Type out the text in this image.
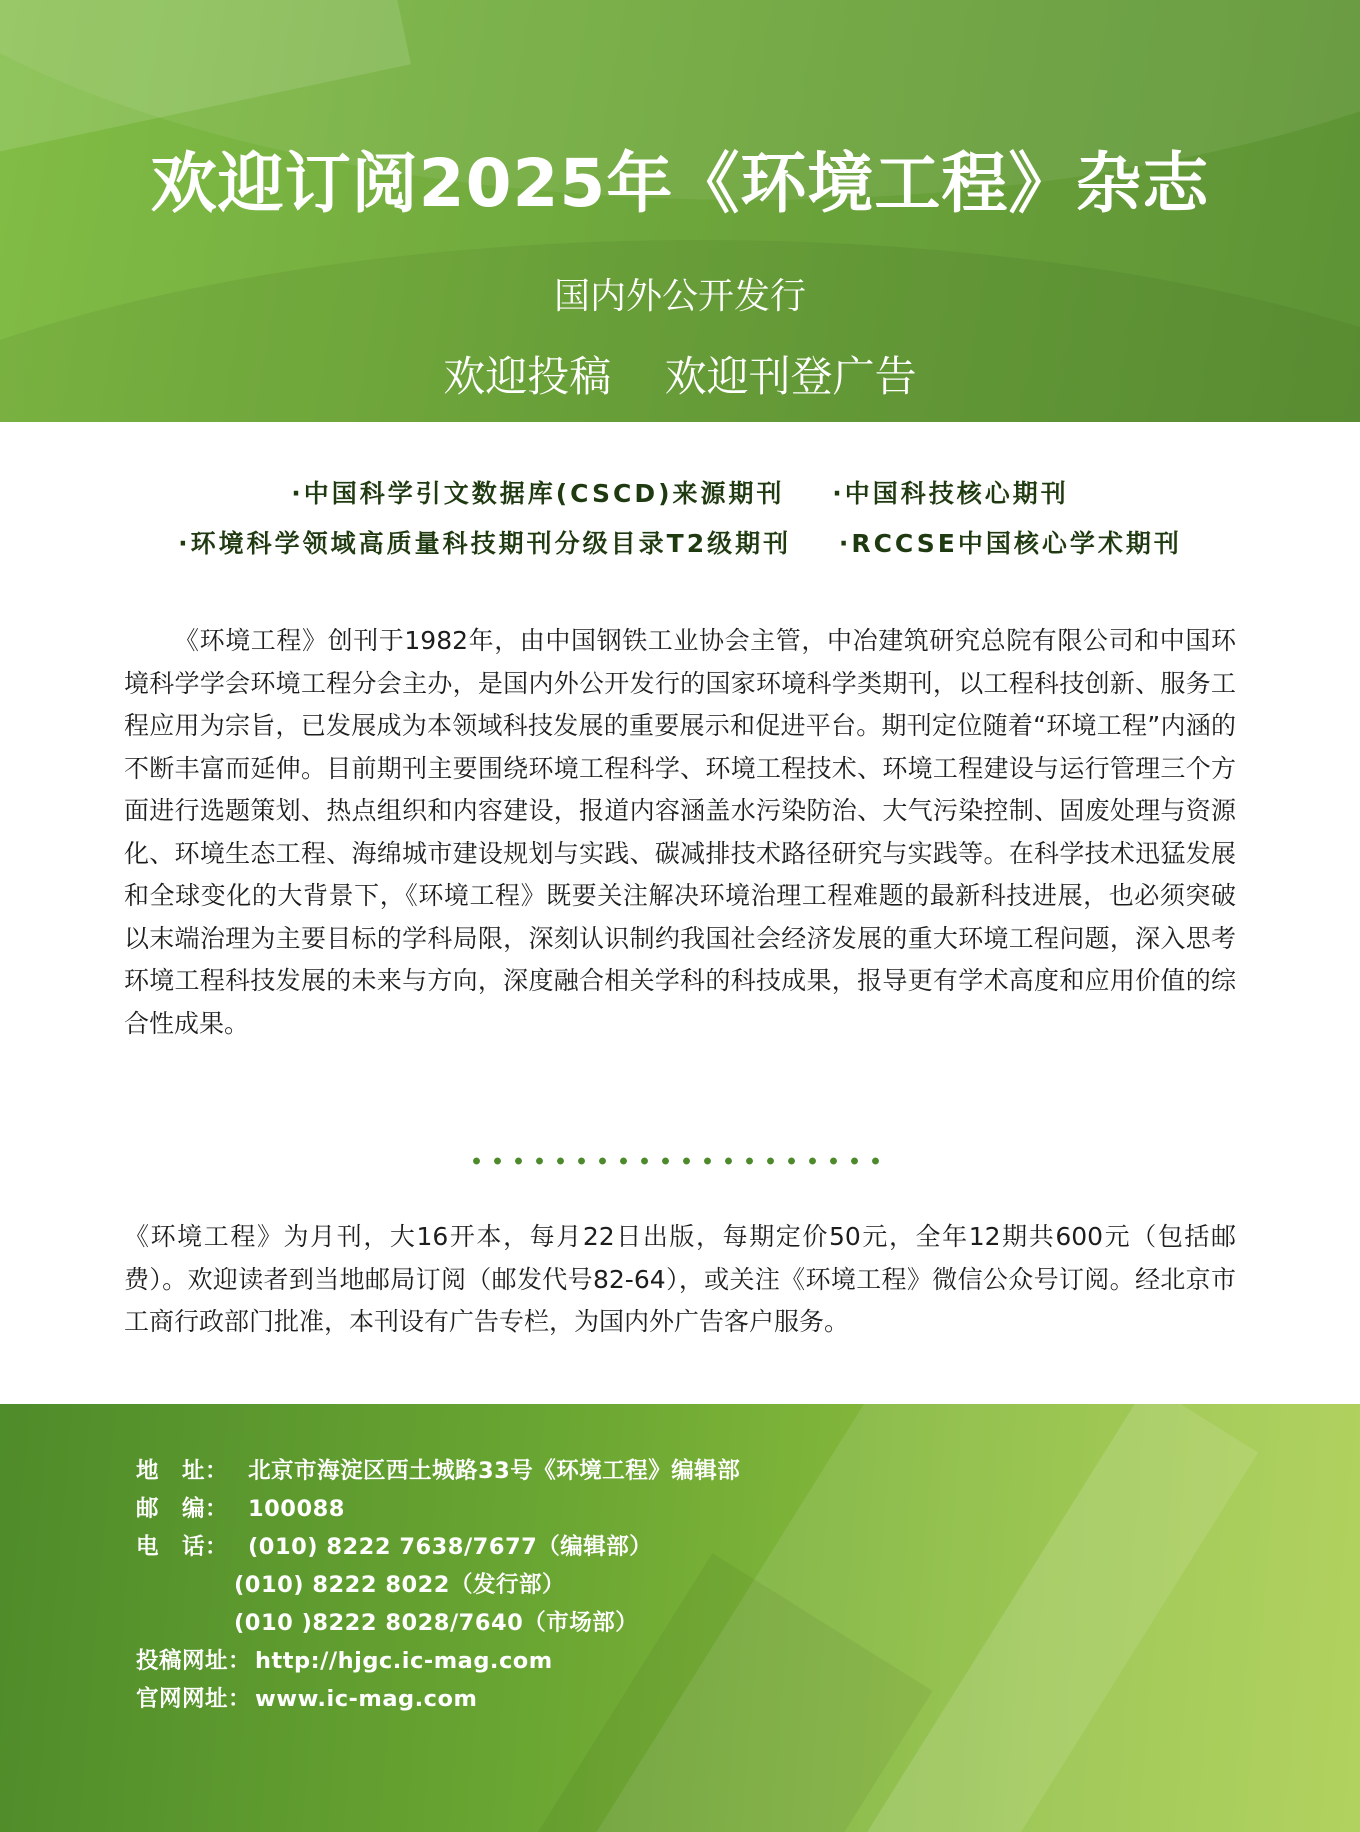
欢迎订阅2025年《环境工程》杂志
国内外公开发行
欢迎投稿 欢迎刊登广告
·中国科学引文数据库(CSCD)来源期刊 ·中国科技核心期刊
·环境科学领域高质量科技期刊分级目录T2级期刊 ·RCCSE中国核心学术期刊

《环境工程》创刊于1982年，由中国钢铁工业协会主管，中冶建筑研究总院有限公司和中国环境科学学会环境工程分会主办，是国内外公开发行的国家环境科学类期刊，以工程科技创新、服务工程应用为宗旨，已发展成为本领域科技发展的重要展示和促进平台。期刊定位随着“环境工程”内涵的不断丰富而延伸。目前期刊主要围绕环境工程科学、环境工程技术、环境工程建设与运行管理三个方面进行选题策划、热点组织和内容建设，报道内容涵盖水污染防治、大气污染控制、固废处理与资源化、环境生态工程、海绵城市建设规划与实践、碳减排技术路径研究与实践等。在科学技术迅猛发展和全球变化的大背景下，《环境工程》既要关注解决环境治理工程难题的最新科技进展，也必须突破以末端治理为主要目标的学科局限，深刻认识制约我国社会经济发展的重大环境工程问题，深入思考环境工程科技发展的未来与方向，深度融合相关学科的科技成果，报导更有学术高度和应用价值的综合性成果。

《环境工程》为月刊，大16开本，每月22日出版，每期定价50元，全年12期共600元（包括邮费）。欢迎读者到当地邮局订阅（邮发代号82-64），或关注《环境工程》微信公众号订阅。经北京市工商行政部门批准，本刊设有广告专栏，为国内外广告客户服务。

地　址： 北京市海淀区西土城路33号《环境工程》编辑部
邮　编： 100088
电　话： (010) 8222 7638/7677（编辑部）
(010) 8222 8022（发行部）
(010 )8222 8028/7640（市场部）
投稿网址： http://hjgc.ic-mag.com
官网网址： www.ic-mag.com
